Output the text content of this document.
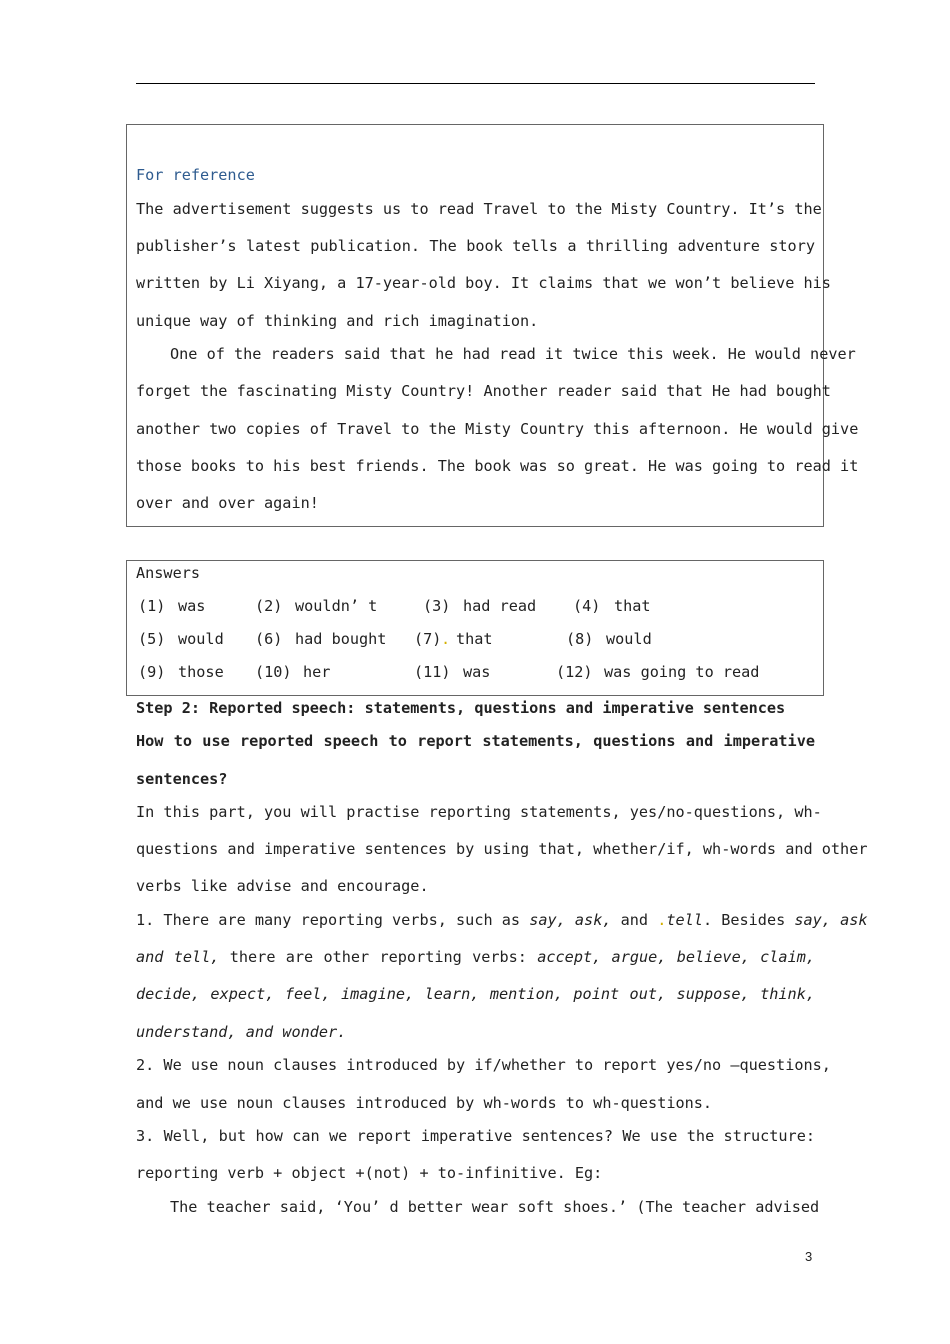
For reference
The advertisement suggests us to read Travel to the Misty Country. It’s the
publisher’s latest publication. The book tells a thrilling adventure story
written by Li Xiyang, a 17-year-old boy. It claims that we won’t believe his
unique way of thinking and rich imagination.
One of the readers said that he had read it twice this week. He would never
forget the fascinating Misty Country! Another reader said that He had bought
another two copies of Travel to the Misty Country this afternoon. He would give
those books to his best friends. The book was so great. He was going to read it
over and over again!
Answers
(1) was	(2) wouldn’ t	(3) had read (4) that
(5) would (6) had bought (7) . that	(8) would
(9) those (10) her	(11) was	(12) was going to read
Step 2: Reported speech: statements, questions and imperative sentences
How to use reported speech to report statements, questions and imperative
sentences?
In this part, you will practise reporting statements, yes/no-questions, wh-
questions and imperative sentences by using that, whether/if, wh-words and other
verbs like advise and encourage.
1. There are many reporting verbs, such as say, ask, and .tell. Besides say, ask
and tell, there are other reporting verbs: accept, argue, believe, claim,
decide, expect, feel, imagine, learn, mention, point out, suppose, think,
understand, and wonder.
2. We use noun clauses introduced by if/whether to report yes/no –questions,
and we use noun clauses introduced by wh-words to wh-questions.
3. Well, but how can we report imperative sentences? We use the structure:
reporting verb + object +(not) + to-infinitive. Eg:
The teacher said, ‘You’ d better wear soft shoes.’ (The teacher advised
3
